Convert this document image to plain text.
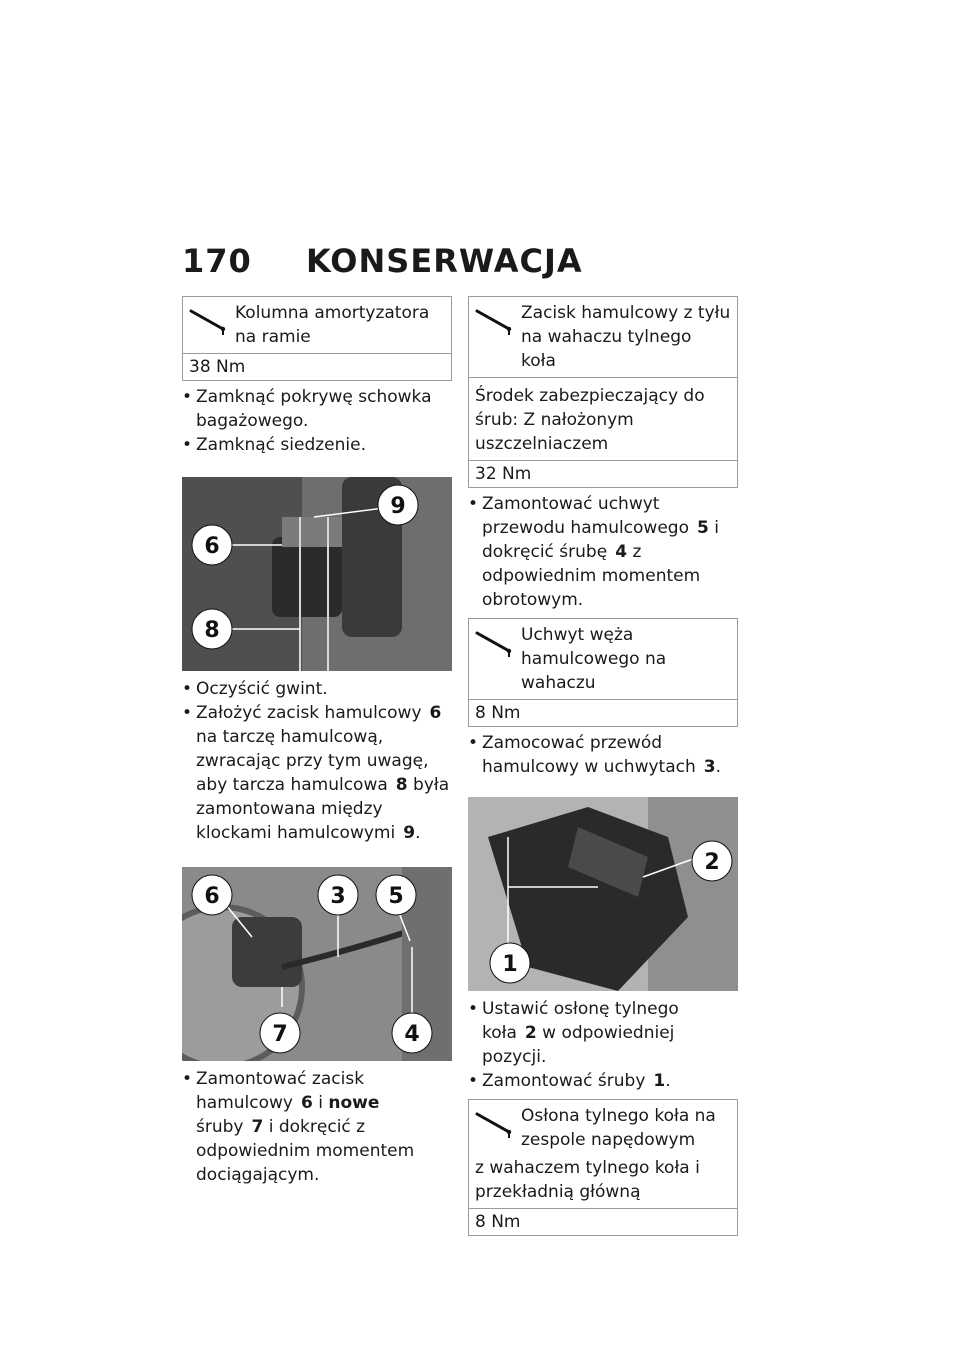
170 KONSERWACJA
Kolumna amortyzatora na ramie
38 Nm
• Zamknąć pokrywę schowka bagażowego.
• Zamknąć siedzenie.
9
6
8
• Oczyścić gwint.
• Założyć zacisk hamulcowy 6 na tarczę hamulcową, zwracając przy tym uwagę, aby tarcza hamulcowa 8 była zamontowana między klockami hamulcowymi 9.
6	3 5
7	4
• Zamontować zacisk hamulcowy 6 i nowe śruby 7 i dokręcić z odpowiednim momentem dociągającym.
Zacisk hamulcowy z tyłu na wahaczu tylnego koła
Środek zabezpieczający do śrub: Z nałożonym uszczelniaczem
32 Nm
• Zamontować uchwyt przewodu hamulcowego 5 i dokręcić śrubę 4 z odpowiednim momentem obrotowym.
Uchwyt węża hamulcowego na wahaczu
8 Nm
• Zamocować przewód hamulcowy w uchwytach 3.
2
1
• Ustawić osłonę tylnego koła 2 w odpowiedniej pozycji.
• Zamontować śruby 1.
Osłona tylnego koła na zespole napędowym
z wahaczem tylnego koła i przekładnią główną
8 Nm
